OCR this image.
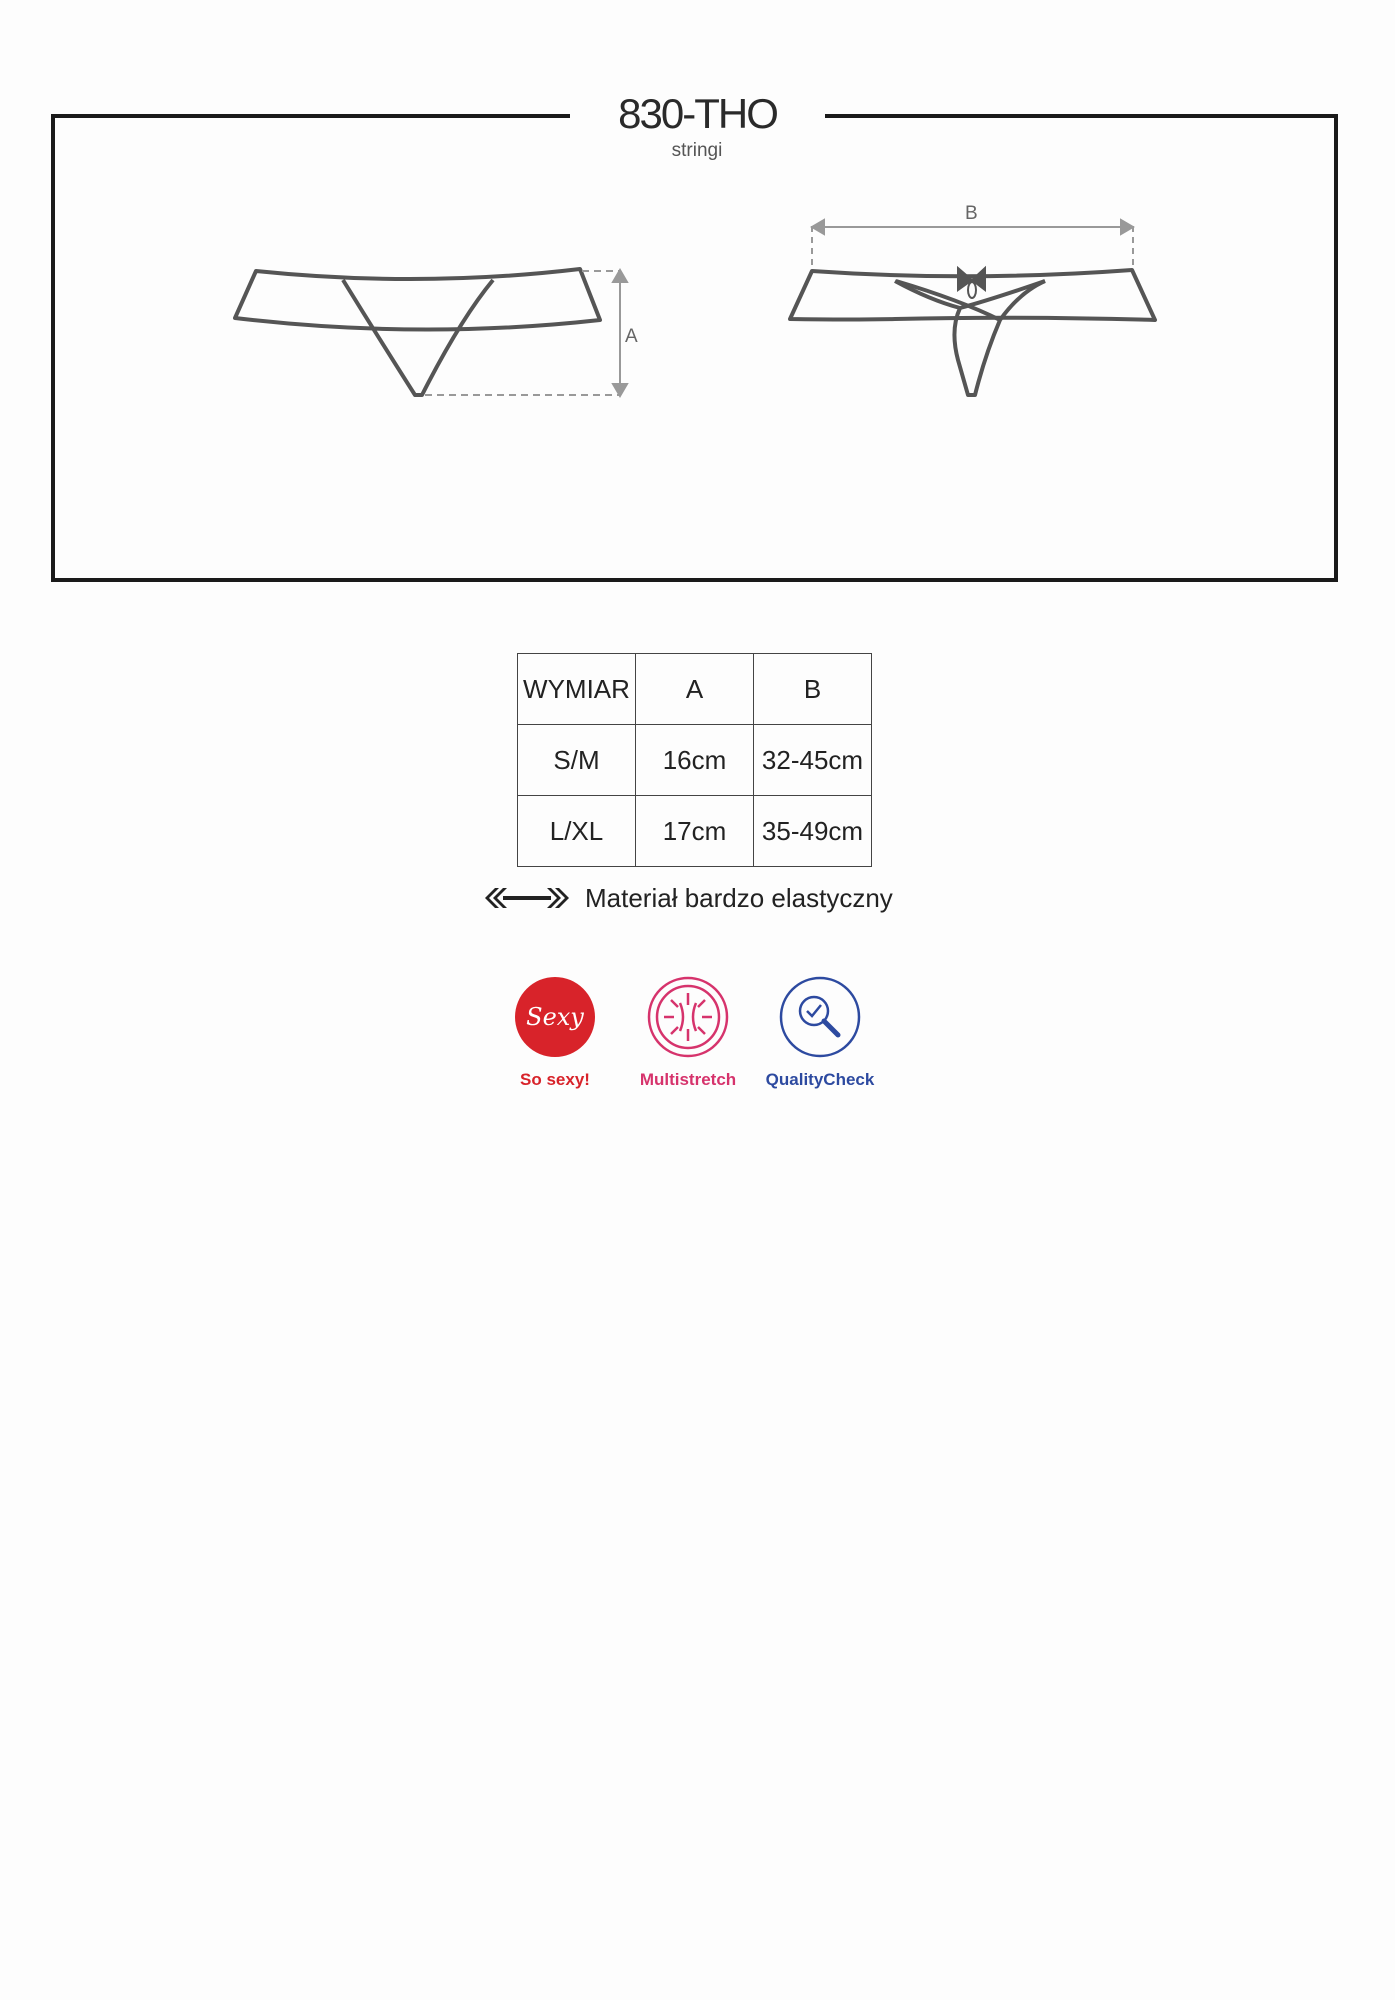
830-THO
stringi
A
B
WYMIAR	A	B
S/M	16cm	32-45cm
L/XL	17cm	35-49cm
Materiał bardzo elastyczny
Sexy
So sexy!	Multistretch	QualityCheck
